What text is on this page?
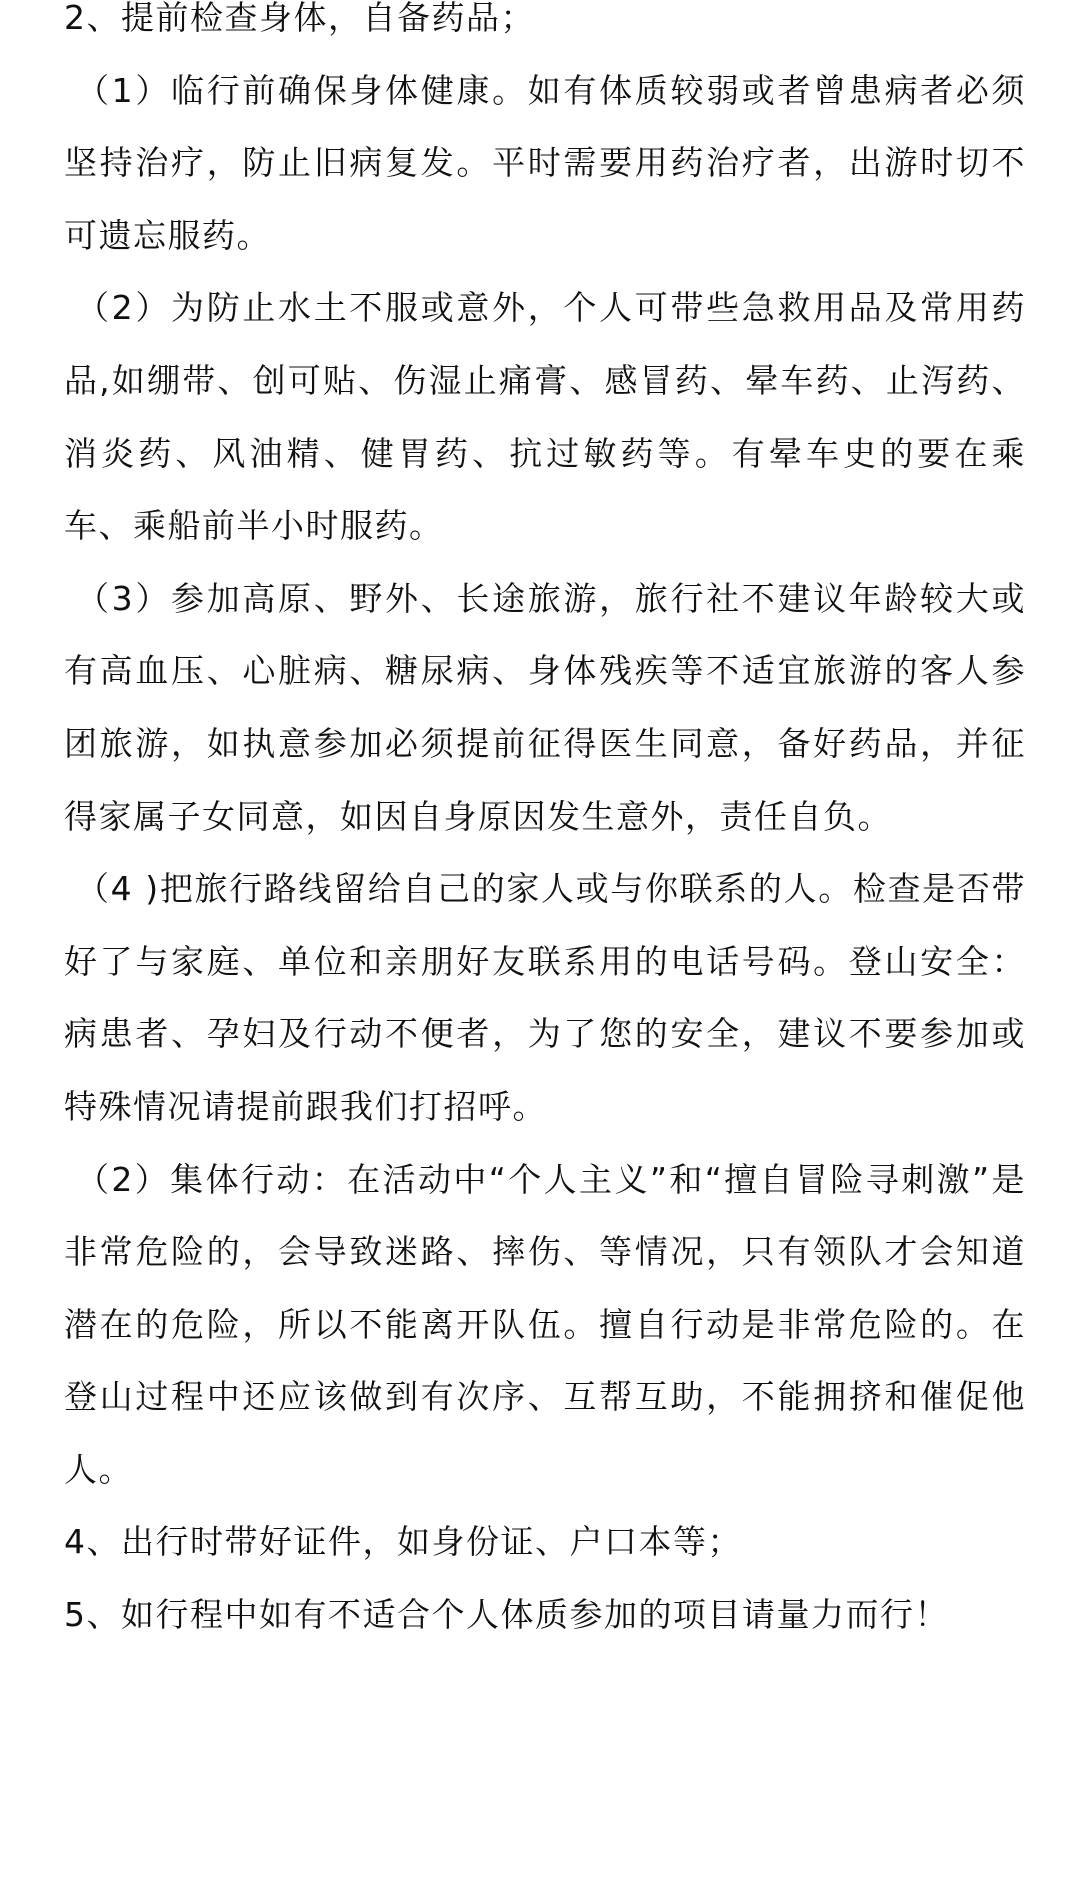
2、提前检查身体，自备药品；

（1）临行前确保身体健康。如有体质较弱或者曾患病者必须坚持治疗，防止旧病复发。平时需要用药治疗者，出游时切不可遗忘服药。

（2）为防止水土不服或意外，个人可带些急救用品及常用药品,如绷带、创可贴、伤湿止痛膏、感冒药、晕车药、止泻药、消炎药、风油精、健胃药、抗过敏药等。有晕车史的要在乘车、乘船前半小时服药。

（3）参加高原、野外、长途旅游，旅行社不建议年龄较大或有高血压、心脏病、糖尿病、身体残疾等不适宜旅游的客人参团旅游，如执意参加必须提前征得医生同意，备好药品，并征得家属子女同意，如因自身原因发生意外，责任自负。

（4 )把旅行路线留给自己的家人或与你联系的人。检查是否带好了与家庭、单位和亲朋好友联系用的电话号码。登山安全：病患者、孕妇及行动不便者，为了您的安全，建议不要参加或特殊情况请提前跟我们打招呼。

（2）集体行动：在活动中“个人主义”和“擅自冒险寻刺激”是非常危险的，会导致迷路、摔伤、等情况，只有领队才会知道潜在的危险，所以不能离开队伍。擅自行动是非常危险的。在登山过程中还应该做到有次序、互帮互助，不能拥挤和催促他人。

4、出行时带好证件，如身份证、户口本等；

5、如行程中如有不适合个人体质参加的项目请量力而行！
